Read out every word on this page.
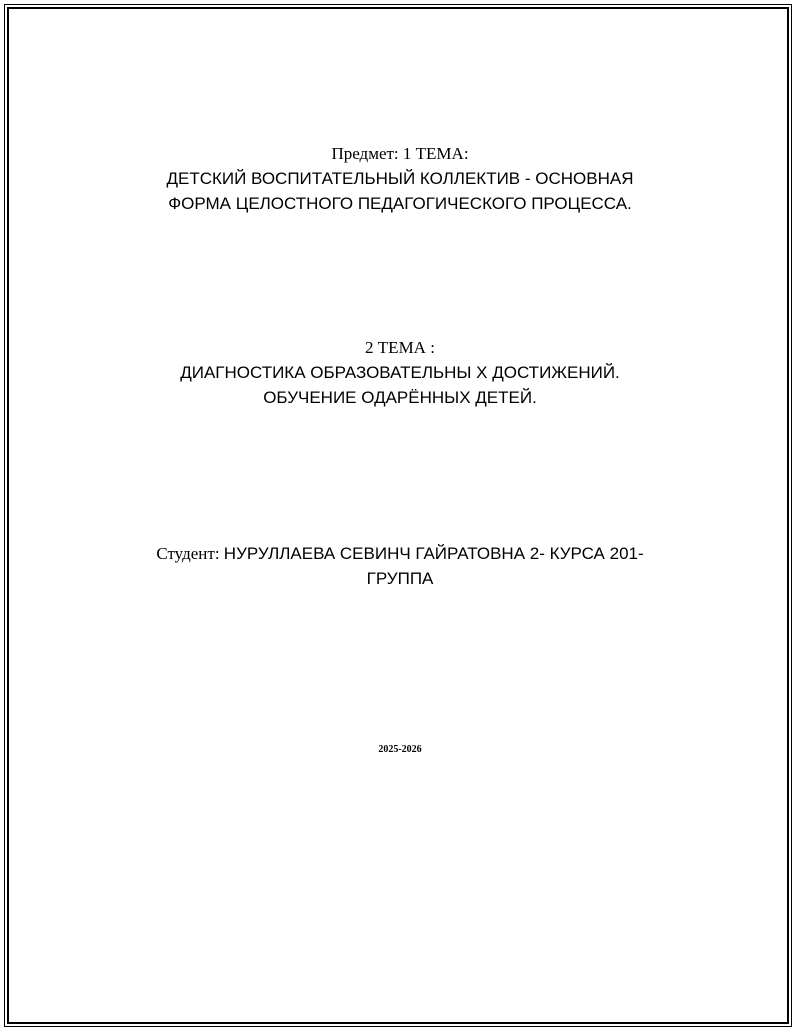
Предмет: 1 ТЕМА:
ДЕТСКИЙ ВОСПИТАТЕЛЬНЫЙ КОЛЛЕКТИВ - ОСНОВНАЯ
ФОРМА ЦЕЛОСТНОГО ПЕДАГОГИЧЕСКОГО ПРОЦЕССА.
2 ТЕМА :
ДИАГНОСТИКА ОБРАЗОВАТЕЛЬНЫ Х ДОСТИЖЕНИЙ.
ОБУЧЕНИЕ ОДАРЁННЫХ ДЕТЕЙ.
Студент: НУРУЛЛАЕВА СЕВИНЧ ГАЙРАТОВНА 2- КУРСА 201-
ГРУППА
2025-2026
